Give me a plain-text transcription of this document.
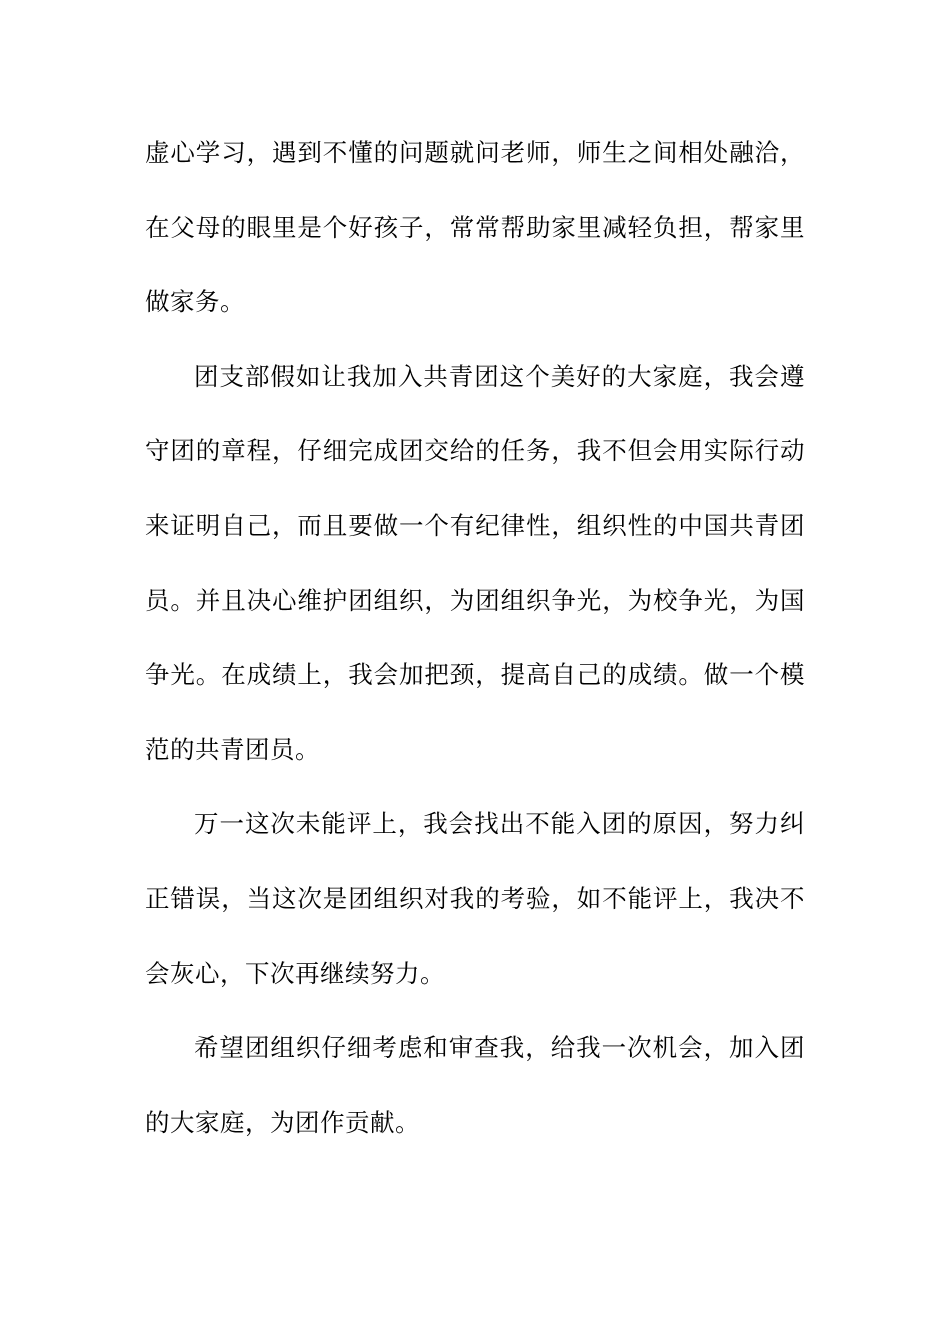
虚心学习，遇到不懂的问题就问老师，师生之间相处融洽，在父母的眼里是个好孩子，常常帮助家里减轻负担，帮家里做家务。

团支部假如让我加入共青团这个美好的大家庭，我会遵守团的章程，仔细完成团交给的任务，我不但会用实际行动来证明自己，而且要做一个有纪律性，组织性的中国共青团员。并且决心维护团组织，为团组织争光，为校争光，为国争光。在成绩上，我会加把颈，提高自己的成绩。做一个模范的共青团员。

万一这次未能评上，我会找出不能入团的原因，努力纠正错误，当这次是团组织对我的考验，如不能评上，我决不会灰心，下次再继续努力。

希望团组织仔细考虑和审查我，给我一次机会，加入团的大家庭，为团作贡献。
